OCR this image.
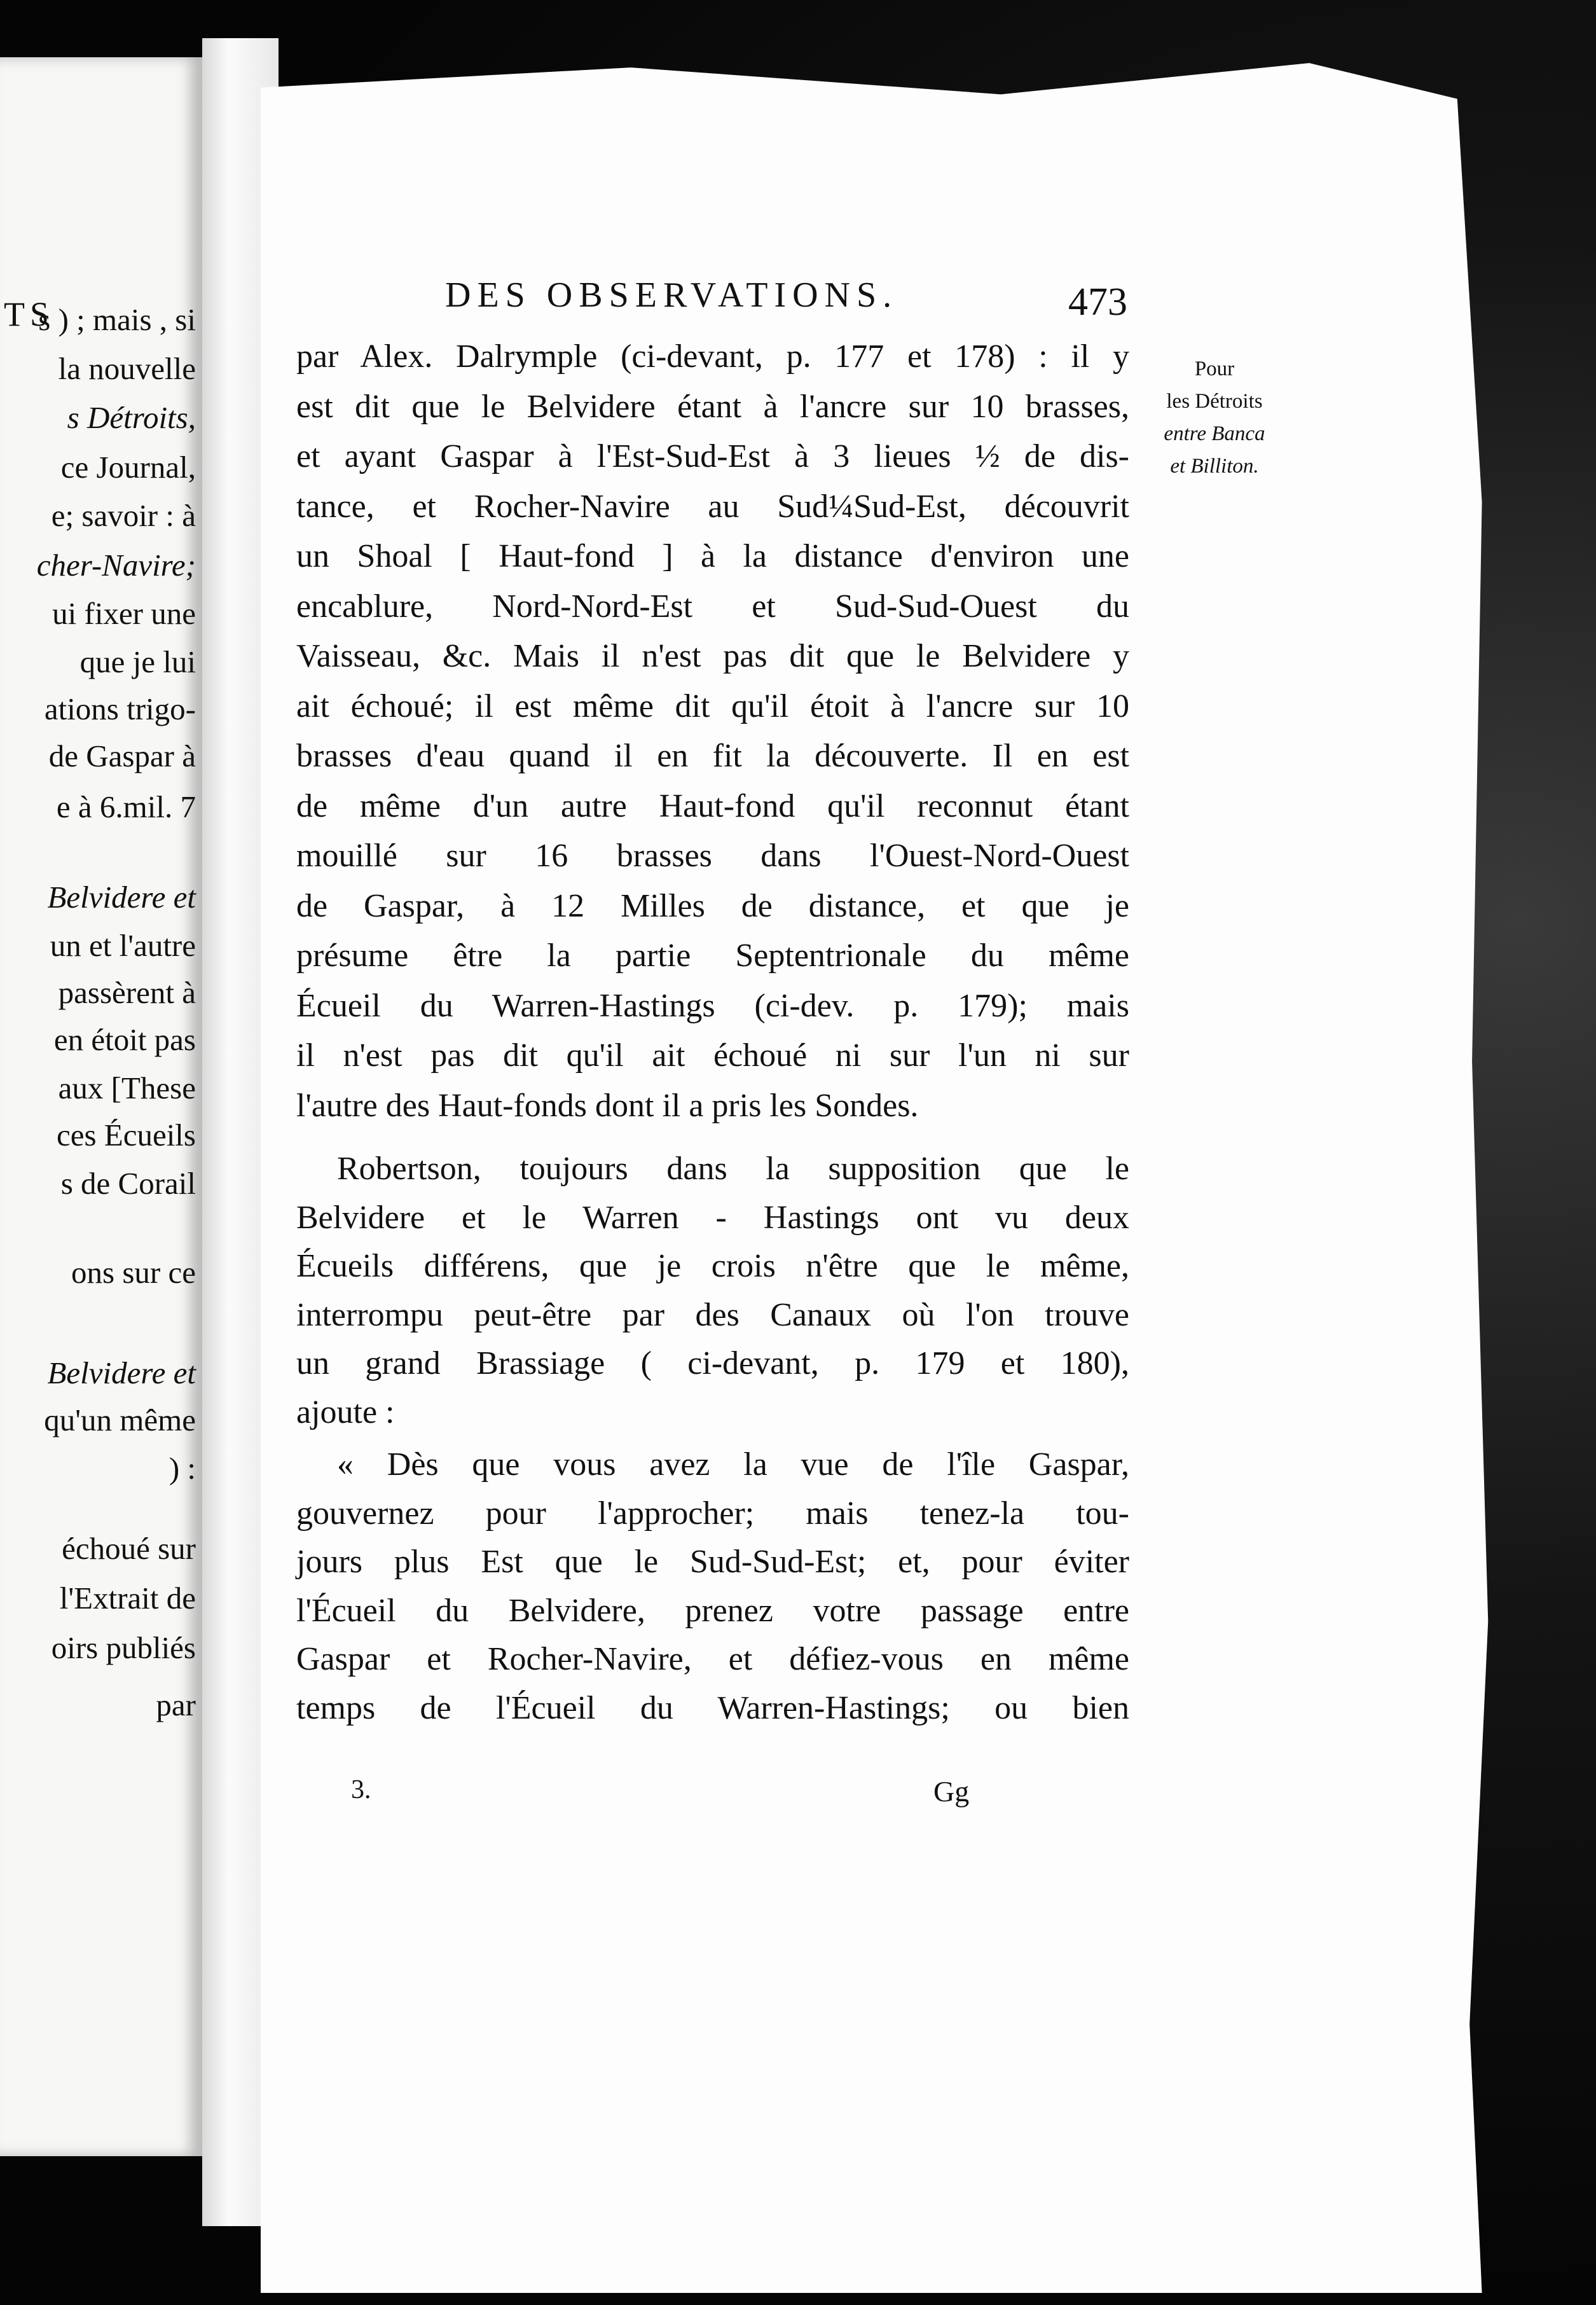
TS
s ) ; mais , si
la nouvelle
s Détroits,
ce Journal,
e; savoir : à
cher-Navire;
ui fixer une
que je lui
ations trigo-
de Gaspar à
e à 6.mil. 7
Belvidere et
un et l'autre
passèrent à
en étoit pas
aux [These
ces Écueils
s de Corail
ons sur ce
Belvidere et
qu'un même
) :
échoué sur
l'Extrait de
oirs publiés
par
DES OBSERVATIONS.	473
Pour
les Détroits
entre Banca
et Billiton.
par Alex. Dalrymple (ci-devant, p. 177 et 178) : il y
est dit que le Belvidere étant à l'ancre sur 10 brasses,
et ayant Gaspar à l'Est-Sud-Est à 3 lieues ½ de dis-
tance, et Rocher-Navire au Sud¼Sud-Est, découvrit
un Shoal [ Haut-fond ] à la distance d'environ une
encablure, Nord-Nord-Est et Sud-Sud-Ouest du
Vaisseau, &c. Mais il n'est pas dit que le Belvidere y
ait échoué; il est même dit qu'il étoit à l'ancre sur 10
brasses d'eau quand il en fit la découverte. Il en est
de même d'un autre Haut-fond qu'il reconnut étant
mouillé sur 16 brasses dans l'Ouest-Nord-Ouest
de Gaspar, à 12 Milles de distance, et que je
présume être la partie Septentrionale du même
Écueil du Warren-Hastings (ci-dev. p. 179); mais
il n'est pas dit qu'il ait échoué ni sur l'un ni sur
l'autre des Haut-fonds dont il a pris les Sondes.
Robertson, toujours dans la supposition que le
Belvidere et le Warren - Hastings ont vu deux
Écueils différens, que je crois n'être que le même,
interrompu peut-être par des Canaux où l'on trouve
un grand Brassiage ( ci-devant, p. 179 et 180),
ajoute :
« Dès que vous avez la vue de l'île Gaspar,
gouvernez pour l'approcher; mais tenez-la tou-
jours plus Est que le Sud-Sud-Est; et, pour éviter
l'Écueil du Belvidere, prenez votre passage entre
Gaspar et Rocher-Navire, et défiez-vous en même
temps de l'Écueil du Warren-Hastings; ou bien
3.	Gg
